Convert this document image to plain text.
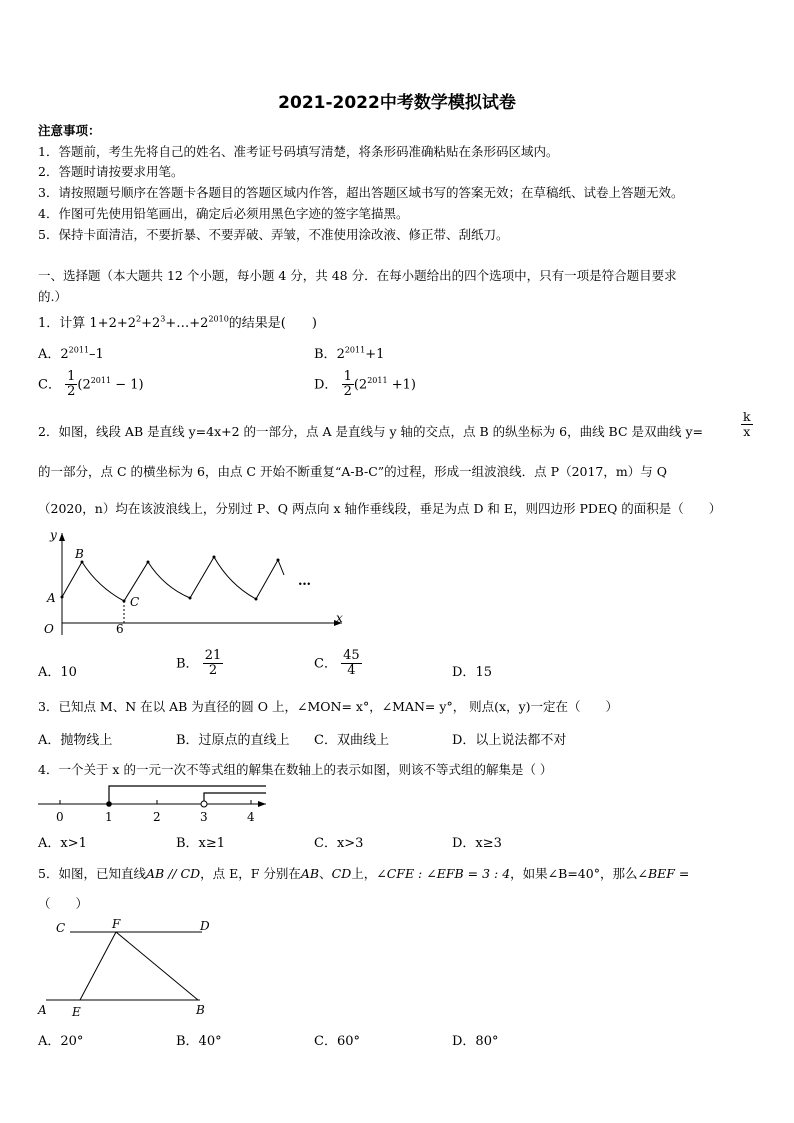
2021-2022中考数学模拟试卷
注意事项：
1．答题前，考生先将自己的姓名、准考证号码填写清楚，将条形码准确粘贴在条形码区域内。
2．答题时请按要求用笔。
3．请按照题号顺序在答题卡各题目的答题区域内作答，超出答题区域书写的答案无效；在草稿纸、试卷上答题无效。
4．作图可先使用铅笔画出，确定后必须用黑色字迹的签字笔描黑。
5．保持卡面清洁，不要折暴、不要弄破、弄皱，不准使用涂改液、修正带、刮纸刀。
一、选择题（本大题共 12 个小题，每小题 4 分，共 48 分．在每小题给出的四个选项中，只有一项是符合题目要求
的.）
1．计算 $1+2+2^2+2^3+\dots+2^{2010}$的结果是(　　)
A．$2^{2011}-1$	B．$2^{2011}+1$
C． $\frac{1}{2} (2^{2011} - 1)$	D． $\frac{1}{2} (2^{2011} +1)$
2．如图，线段 AB 是直线 y=4x+2 的一部分，点 A 是直线与 y 轴的交点，点 B 的纵坐标为 6，曲线 BC 是双曲线 y=	$\frac{k}{x}$
的一部分，点 C 的横坐标为 6，由点 C 开始不断重复“A-B-C”的过程，形成一组波浪线．点 P（2017，m）与 Q
（2020，n）均在该波浪线上，分别过 P、Q 两点向 x 轴作垂线段，垂足为点 D 和 E，则四边形 PDEQ 的面积是（　　）
y
x
B
A	C
O	6
…
A．10
B． $\frac{21}{2}$	C． $\frac{45}{4}$	D．15
3．已知点 M、N 在以 AB 为直径的圆 O 上，∠MON= x°，∠MAN= y°， 则点(x，y)一定在（　　）
A．抛物线上	B．过原点的直线上 C．双曲线上	D．以上说法都不对
4．一个关于 x 的一元一次不等式组的解集在数轴上的表示如图，则该不等式组的解集是（ ）
0	1	2	3	4
A．x>1	B．x≥1	C．x>3	D．x≥3
5．如图，已知直线AB // CD，点 E，F 分别在AB、CD上，∠CFE : ∠EFB = 3 : 4，如果∠B=40°，那么∠BEF =
（　　）
C	F	D
A E	B
A．20°	B．40°	C．60°	D．80°
